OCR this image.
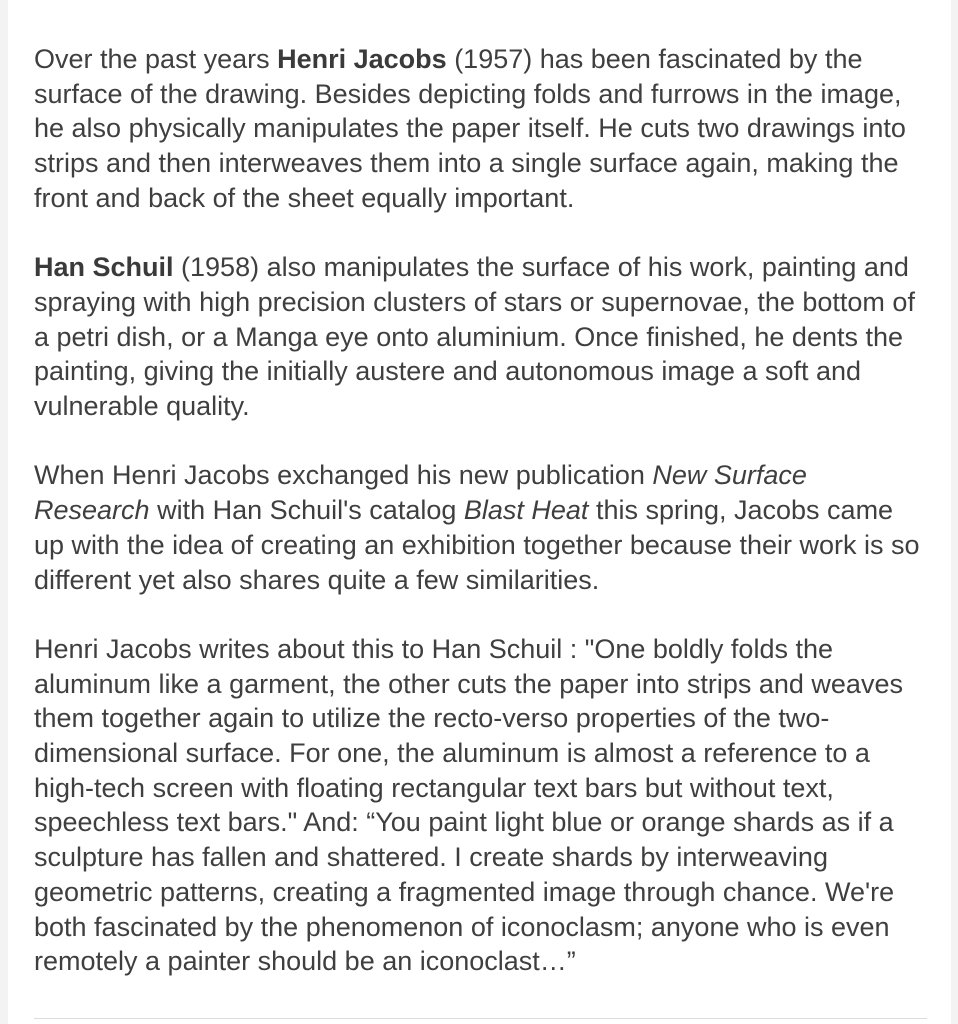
Over the past years Henri Jacobs (1957) has been fascinated by the surface of the drawing. Besides depicting folds and furrows in the image, he also physically manipulates the paper itself. He cuts two drawings into strips and then interweaves them into a single surface again, making the front and back of the sheet equally important.

Han Schuil (1958) also manipulates the surface of his work, painting and spraying with high precision clusters of stars or supernovae, the bottom of a petri dish, or a Manga eye onto aluminium. Once finished, he dents the painting, giving the initially austere and autonomous image a soft and vulnerable quality.

When Henri Jacobs exchanged his new publication New Surface Research with Han Schuil's catalog Blast Heat this spring, Jacobs came up with the idea of creating an exhibition together because their work is so different yet also shares quite a few similarities.

Henri Jacobs writes about this to Han Schuil : "One boldly folds the aluminum like a garment, the other cuts the paper into strips and weaves them together again to utilize the recto-verso properties of the two-dimensional surface. For one, the aluminum is almost a reference to a high-tech screen with floating rectangular text bars but without text, speechless text bars." And: “You paint light blue or orange shards as if a sculpture has fallen and shattered. I create shards by interweaving geometric patterns, creating a fragmented image through chance. We're both fascinated by the phenomenon of iconoclasm; anyone who is even remotely a painter should be an iconoclast…”
